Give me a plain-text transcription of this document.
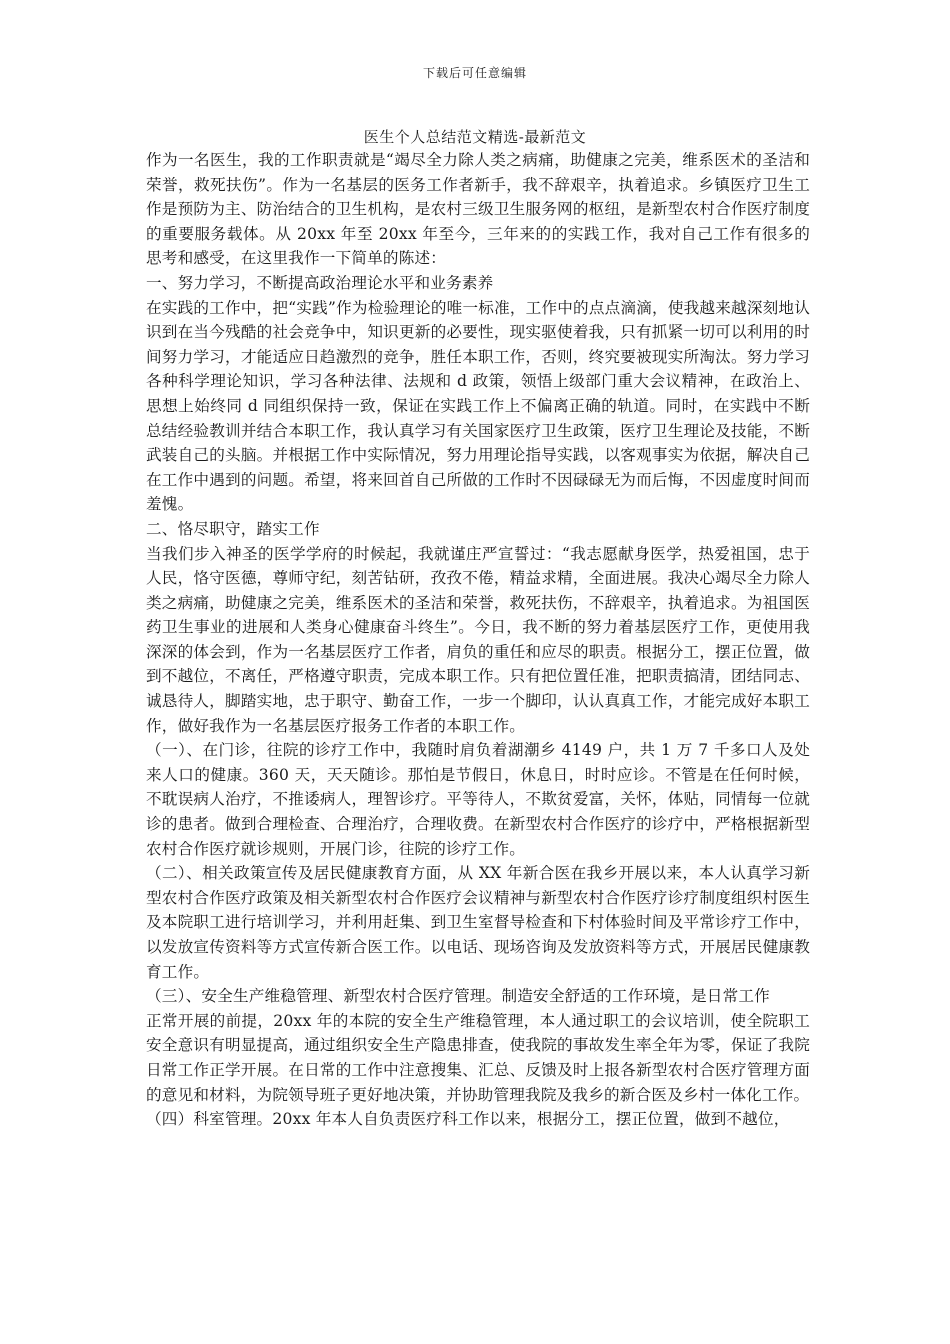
下载后可任意编辑
医生个人总结范文精选-最新范文

作为一名医生，我的工作职责就是“竭尽全力除人类之病痛，助健康之完美，维系医术的圣洁和荣誉，救死扶伤”。作为一名基层的医务工作者新手，我不辞艰辛，执着追求。乡镇医疗卫生工作是预防为主、防治结合的卫生机构，是农村三级卫生服务网的枢纽，是新型农村合作医疗制度的重要服务载体。从 20xx 年至 20xx 年至今，三年来的的实践工作，我对自己工作有很多的思考和感受，在这里我作一下简单的陈述：

一、努力学习，不断提高政治理论水平和业务素养

在实践的工作中，把“实践”作为检验理论的唯一标准，工作中的点点滴滴，使我越来越深刻地认识到在当今残酷的社会竞争中，知识更新的必要性，现实驱使着我，只有抓紧一切可以利用的时间努力学习，才能适应日趋激烈的竞争，胜任本职工作，否则，终究要被现实所淘汰。努力学习各种科学理论知识，学习各种法律、法规和 d 政策，领悟上级部门重大会议精神，在政治上、思想上始终同 d 同组织保持一致，保证在实践工作上不偏离正确的轨道。同时，在实践中不断总结经验教训并结合本职工作，我认真学习有关国家医疗卫生政策，医疗卫生理论及技能，不断武装自己的头脑。并根据工作中实际情况，努力用理论指导实践，以客观事实为依据，解决自己在工作中遇到的问题。希望，将来回首自己所做的工作时不因碌碌无为而后悔，不因虚度时间而羞愧。

二、恪尽职守，踏实工作

当我们步入神圣的医学学府的时候起，我就谨庄严宣誓过：“我志愿献身医学，热爱祖国，忠于人民，恪守医德，尊师守纪，刻苦钻研，孜孜不倦，精益求精，全面进展。我决心竭尽全力除人类之病痛，助健康之完美，维系医术的圣洁和荣誉，救死扶伤，不辞艰辛，执着追求。为祖国医药卫生事业的进展和人类身心健康奋斗终生”。今日，我不断的努力着基层医疗工作，更使用我深深的体会到，作为一名基层医疗工作者，肩负的重任和应尽的职责。根据分工，摆正位置，做到不越位，不离任，严格遵守职责，完成本职工作。只有把位置任准，把职责搞清，团结同志、诚恳待人，脚踏实地，忠于职守、勤奋工作，一步一个脚印，认认真真工作，才能完成好本职工作，做好我作为一名基层医疗报务工作者的本职工作。

（一）、在门诊，往院的诊疗工作中，我随时肩负着湖潮乡 4149 户，共 1 万 7 千多口人及处来人口的健康。360 天，天天随诊。那怕是节假日，休息日，时时应诊。不管是在任何时候，不耽误病人治疗，不推诿病人，理智诊疗。平等待人，不欺贫爱富，关怀，体贴，同情每一位就诊的患者。做到合理检查、合理治疗，合理收费。在新型农村合作医疗的诊疗中，严格根据新型农村合作医疗就诊规则，开展门诊，往院的诊疗工作。

（二）、相关政策宣传及居民健康教育方面，从 XX 年新合医在我乡开展以来，本人认真学习新型农村合作医疗政策及相关新型农村合作医疗会议精神与新型农村合作医疗诊疗制度组织村医生及本院职工进行培训学习，并利用赶集、到卫生室督导检查和下村体验时间及平常诊疗工作中，以发放宣传资料等方式宣传新合医工作。以电话、现场咨询及发放资料等方式，开展居民健康教育工作。

（三）、安全生产维稳管理、新型农村合医疗管理。制造安全舒适的工作环境，是日常工作

正常开展的前提，20xx 年的本院的安全生产维稳管理，本人通过职工的会议培训，使全院职工安全意识有明显提高，通过组织安全生产隐患排查，使我院的事故发生率全年为零，保证了我院日常工作正学开展。在日常的工作中注意搜集、汇总、反馈及时上报各新型农村合医疗管理方面的意见和材料，为院领导班子更好地决策，并协助管理我院及我乡的新合医及乡村一体化工作。

（四）科室管理。20xx 年本人自负责医疗科工作以来，根据分工，摆正位置，做到不越位，
